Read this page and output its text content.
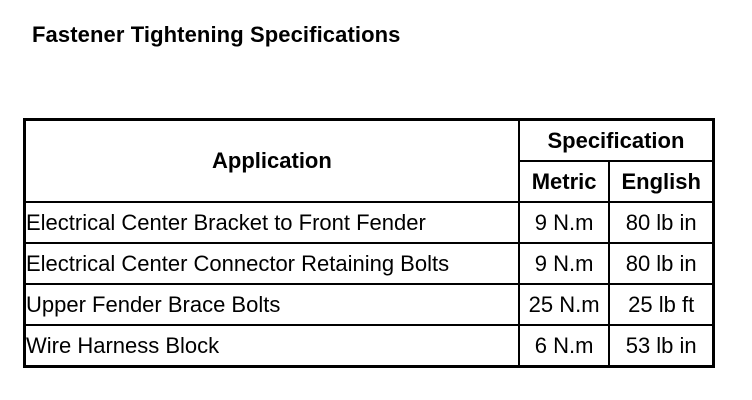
Fastener Tightening Specifications
Application	Specification	
	Metric	English
Electrical Center Bracket to Front Fender	9 N.m	80 lb in
Electrical Center Connector Retaining Bolts	9 N.m	80 lb in
Upper Fender Brace Bolts	25 N.m	25 lb ft
Wire Harness Block	6 N.m	53 lb in
